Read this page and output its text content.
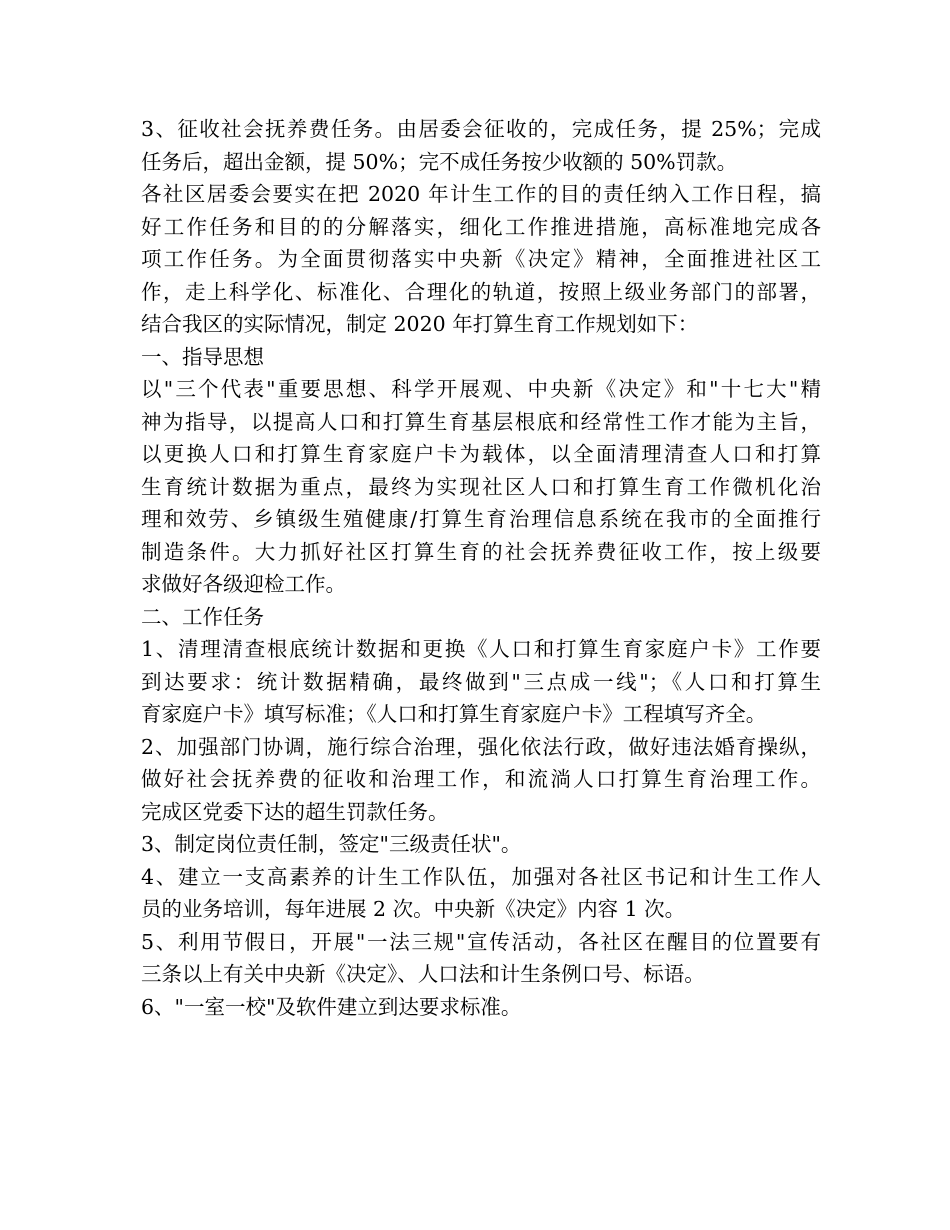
3、征收社会抚养费任务。由居委会征收的，完成任务，提 25%；完成
任务后，超出金额，提 50%；完不成任务按少收额的 50%罚款。
各社区居委会要实在把 2020 年计生工作的目的责任纳入工作日程，搞
好工作任务和目的的分解落实，细化工作推进措施，高标准地完成各
项工作任务。为全面贯彻落实中央新《决定》精神，全面推进社区工
作，走上科学化、标准化、合理化的轨道，按照上级业务部门的部署，
结合我区的实际情况，制定 2020 年打算生育工作规划如下：
一、指导思想
以"三个代表"重要思想、科学开展观、中央新《决定》和"十七大"精
神为指导，以提高人口和打算生育基层根底和经常性工作才能为主旨，
以更换人口和打算生育家庭户卡为载体，以全面清理清查人口和打算
生育统计数据为重点，最终为实现社区人口和打算生育工作微机化治
理和效劳、乡镇级生殖健康/打算生育治理信息系统在我市的全面推行
制造条件。大力抓好社区打算生育的社会抚养费征收工作，按上级要
求做好各级迎检工作。
二、工作任务
1、清理清查根底统计数据和更换《人口和打算生育家庭户卡》工作要
到达要求：统计数据精确，最终做到"三点成一线"；《人口和打算生
育家庭户卡》填写标准；《人口和打算生育家庭户卡》工程填写齐全。
2、加强部门协调，施行综合治理，强化依法行政，做好违法婚育操纵，
做好社会抚养费的征收和治理工作，和流淌人口打算生育治理工作。
完成区党委下达的超生罚款任务。
3、制定岗位责任制，签定"三级责任状"。
4、建立一支高素养的计生工作队伍，加强对各社区书记和计生工作人
员的业务培训，每年进展 2 次。中央新《决定》内容 1 次。
5、利用节假日，开展"一法三规"宣传活动，各社区在醒目的位置要有
三条以上有关中央新《决定》、人口法和计生条例口号、标语。
6、"一室一校"及软件建立到达要求标准。
